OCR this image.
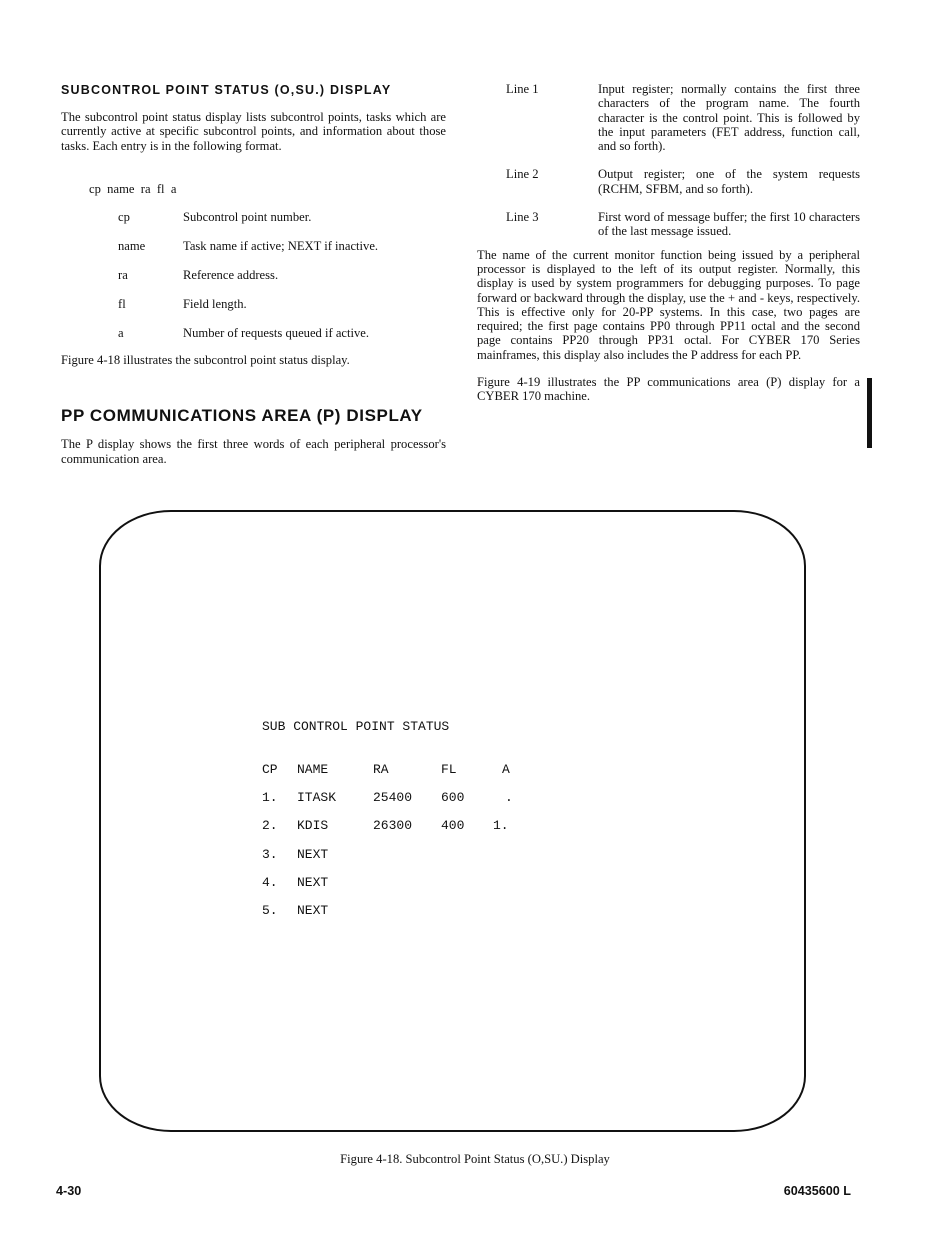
SUBCONTROL POINT STATUS (O,SU.) DISPLAY

The subcontrol point status display lists subcontrol points, tasks which are currently active at specific subcontrol points, and information about those tasks. Each entry is in the following format.

cp  name  ra  fl  a
cp	Subcontrol point number.
name	Task name if active; NEXT if inactive.
ra	Reference address.
fl	Field length.
a	Number of requests queued if active.

Figure 4-18 illustrates the subcontrol point status display.

PP COMMUNICATIONS AREA (P) DISPLAY

The P display shows the first three words of each peripheral processor's communication area.

Line 1	Input register; normally contains the first three characters of the program name. The fourth character is the control point. This is followed by the input parameters (FET address, function call, and so forth).
Line 2	Output register; one of the system requests (RCHM, SFBM, and so forth).
Line 3	First word of message buffer; the first 10 characters of the last message issued.

The name of the current monitor function being issued by a peripheral processor is displayed to the left of its output register. Normally, this display is used by system programmers for debugging purposes. To page forward or backward through the display, use the + and - keys, respectively. This is effective only for 20-PP systems. In this case, two pages are required; the first page contains PP0 through PP11 octal and the second page contains PP20 through PP31 octal. For CYBER 170 Series mainframes, this display also includes the P address for each PP.

Figure 4-19 illustrates the PP communications area (P) display for a CYBER 170 machine.

SUB CONTROL POINT STATUS
CP NAME	RA	FL	A
1. ITASK	25400 600	.
2. KDIS	26300 400 1.
3. NEXT
4. NEXT
5. NEXT
Figure 4-18. Subcontrol Point Status (O,SU.) Display
4-30	60435600 L
